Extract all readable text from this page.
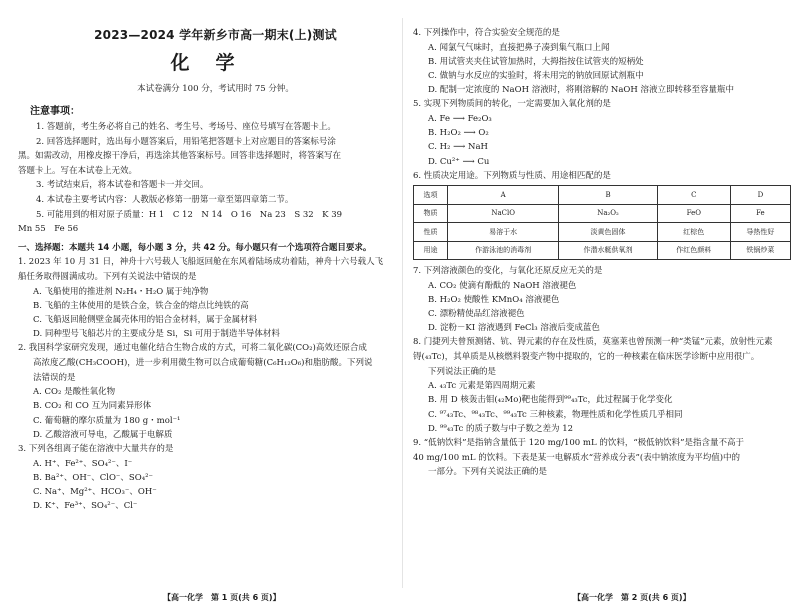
2023—2024 学年新乡市高一期末(上)测试
化学
本试卷满分 100 分，考试用时 75 分钟。
注意事项：
1. 答题前，考生务必将自己的姓名、考生号、考场号、座位号填写在答题卡上。
2. 回答选择题时，选出每小题答案后，用铅笔把答题卡上对应题目的答案标号涂
黑。如需改动，用橡皮擦干净后，再选涂其他答案标号。回答非选择题时，将答案写在
答题卡上。写在本试卷上无效。
3. 考试结束后，将本试卷和答题卡一并交回。
4. 本试卷主要考试内容：人教版必修第一册第一章至第四章第二节。
5. 可能用到的相对原子质量：H 1　C 12　N 14　O 16　Na 23　S 32　K 39
Mn 55　Fe 56
一、选择题：本题共 14 小题，每小题 3 分，共 42 分。每小题只有一个选项符合题目要求。
1. 2023 年 10 月 31 日，神舟十六号载人飞船返回舱在东风着陆场成功着陆，神舟十六号载人飞
船任务取得圆满成功。下列有关说法中错误的是
A. 飞船使用的推进剂 N₂H₄・H₂O 属于纯净物
B. 飞船的主体使用的是铁合金，铁合金的熔点比纯铁的高
C. 飞船返回舱侧壁金属壳体用的铝合金材料，属于金属材料
D. 同种型号飞船芯片的主要成分是 Si，Si 可用于制造半导体材料
2. 我国科学家研究发现，通过电催化结合生物合成的方式，可将二氧化碳(CO₂)高效还原合成
高浓度乙酸(CH₃COOH)，进一步利用微生物可以合成葡萄糖(C₆H₁₂O₆)和脂肪酸。下列说
法错误的是
A. CO₂ 是酸性氧化物
B. CO₂ 和 CO 互为同素异形体
C. 葡萄糖的摩尔质量为 180 g・mol⁻¹
D. 乙酸溶液可导电，乙酸属于电解质
3. 下列各组离子能在溶液中大量共存的是
A. H⁺、Fe²⁺、SO₄²⁻、I⁻
B. Ba²⁺、OH⁻、ClO⁻、SO₄²⁻
C. Na⁺、Mg²⁺、HCO₃⁻、OH⁻
D. K⁺、Fe³⁺、SO₄²⁻、Cl⁻
4. 下列操作中，符合实验安全规范的是
A. 闻氯气气味时，直接把鼻子凑到集气瓶口上闻
B. 用试管夹夹住试管加热时，大拇指按住试管夹的短柄处
C. 做钠与水反应的实验时，将未用完的钠放回原试剂瓶中
D. 配制一定浓度的 NaOH 溶液时，将刚溶解的 NaOH 溶液立即转移至容量瓶中
5. 实现下列物质间的转化，一定需要加入氧化剂的是
A. Fe ⟶ Fe₂O₃
B. H₂O₂ ⟶ O₂
C. H₂ ⟶ NaH
D. Cu²⁺ ⟶ Cu
6. 性质决定用途。下列物质与性质、用途相匹配的是
选项	A	B	C	D
物质	NaClO	Na₂O₂	FeO	Fe
性质	易溶于水	淡黄色固体	红棕色	导热性好
用途	作游泳池的消毒剂	作潜水艇供氧剂	作红色颜料	铁锅炒菜
7. 下列溶液颜色的变化，与氧化还原反应无关的是
A. CO₂ 使滴有酚酞的 NaOH 溶液褪色
B. H₂O₂ 使酸性 KMnO₄ 溶液褪色
C. 漂粉精使品红溶液褪色
D. 淀粉－KI 溶液遇到 FeCl₃ 溶液后变成蓝色
8. 门捷列夫曾预测锗、钪、锝元素的存在及性质，莫塞莱也曾预测一种“类锰”元素，放射性元素
锝(₄₃Tc)，其单质是从核燃料裂变产物中提取的，它的一种核素在临床医学诊断中应用很广。
下列说法正确的是
A. ₄₃Tc 元素是第四周期元素
B. 用 D 核轰击钼(₄₂Mo)靶也能得到⁹⁹₄₃Tc，此过程属于化学变化
C. ⁹⁷₄₃Tc、⁹⁸₄₃Tc、⁹⁹₄₃Tc 三种核素，物理性质和化学性质几乎相同
D. ⁹⁹₄₃Tc 的质子数与中子数之差为 12
9. “低钠饮料”是指钠含量低于 120 mg/100 mL 的饮料，“极低钠饮料”是指含量不高于
40 mg/100 mL 的饮料。下表是某一电解质水“营养成分表”(表中钠浓度为平均值)中的
一部分。下列有关说法正确的是
【高一化学　第 1 页(共 6 页)】	【高一化学　第 2 页(共 6 页)】
